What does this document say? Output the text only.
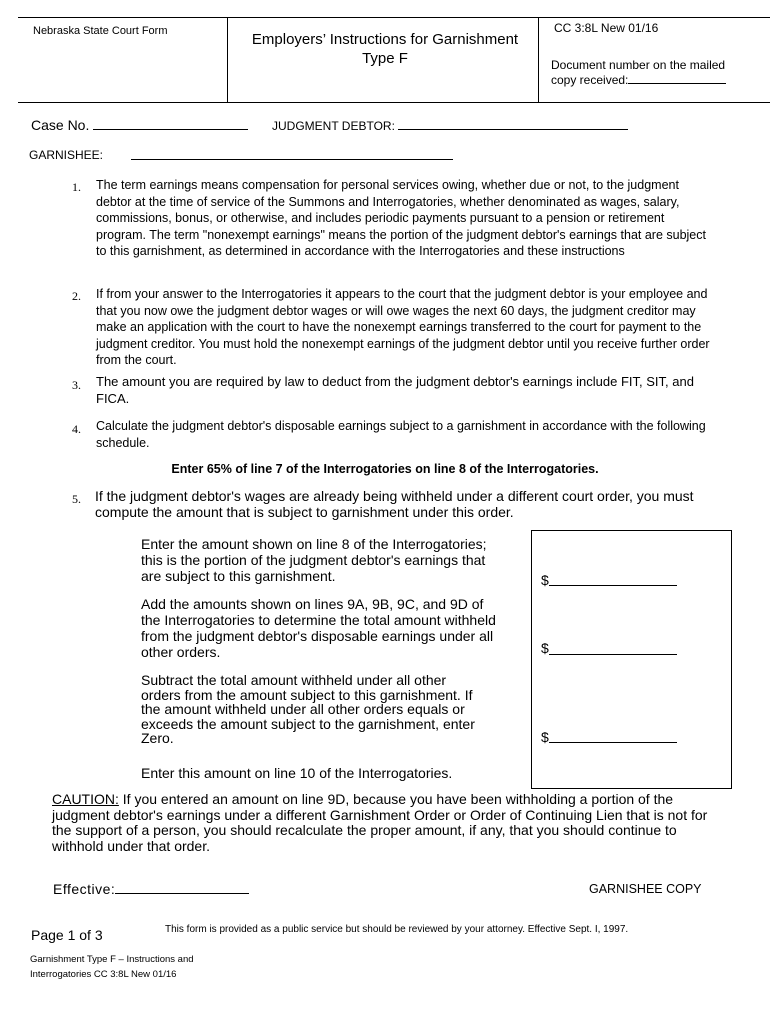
Nebraska State Court Form	Employers’ Instructions for Garnishment
Type F
CC 3:8L New 01/16
Document number on the mailed
copy received:
Case No.	JUDGMENT DEBTOR:
GARNISHEE:
1. The term earnings means compensation for personal services owing, whether due or not, to the judgment debtor at the time of service of the Summons and Interrogatories, whether denominated as wages, salary, commissions, bonus, or otherwise, and includes periodic payments pursuant to a pension or retirement program. The term "nonexempt earnings" means the portion of the judgment debtor's earnings that are subject to this garnishment, as determined in accordance with the Interrogatories and these instructions
2. If from your answer to the Interrogatories it appears to the court that the judgment debtor is your employee and that you now owe the judgment debtor wages or will owe wages the next 60 days, the judgment creditor may make an application with the court to have the nonexempt earnings transferred to the court for payment to the judgment creditor. You must hold the nonexempt earnings of the judgment debtor until you receive further order from the court.
3. The amount you are required by law to deduct from the judgment debtor's earnings include FIT, SIT, and FICA.
4. Calculate the judgment debtor's disposable earnings subject to a garnishment in accordance with the following schedule.
Enter 65% of line 7 of the Interrogatories on line 8 of the Interrogatories.
5. If the judgment debtor's wages are already being withheld under a different court order, you must compute the amount that is subject to garnishment under this order.
Enter the amount shown on line 8 of the Interrogatories; this is the portion of the judgment debtor's earnings that are subject to this garnishment.	$
Add the amounts shown on lines 9A, 9B, 9C, and 9D of the Interrogatories to determine the total amount withheld from the judgment debtor's disposable earnings under all other orders.	$
Subtract the total amount withheld under all other orders from the amount subject to this garnishment. If the amount withheld under all other orders equals or exceeds the amount subject to the garnishment, enter Zero.	$
Enter this amount on line 10 of the Interrogatories.
CAUTION: If you entered an amount on line 9D, because you have been withholding a portion of the judgment debtor's earnings under a different Garnishment Order or Order of Continuing Lien that is not for the support of a person, you should recalculate the proper amount, if any, that you should continue to withhold under that order.
Effective:	GARNISHEE COPY
Page 1 of 3	This form is provided as a public service but should be reviewed by your attorney. Effective Sept. I, 1997.
Garnishment Type F – Instructions and
Interrogatories CC 3:8L New 01/16
